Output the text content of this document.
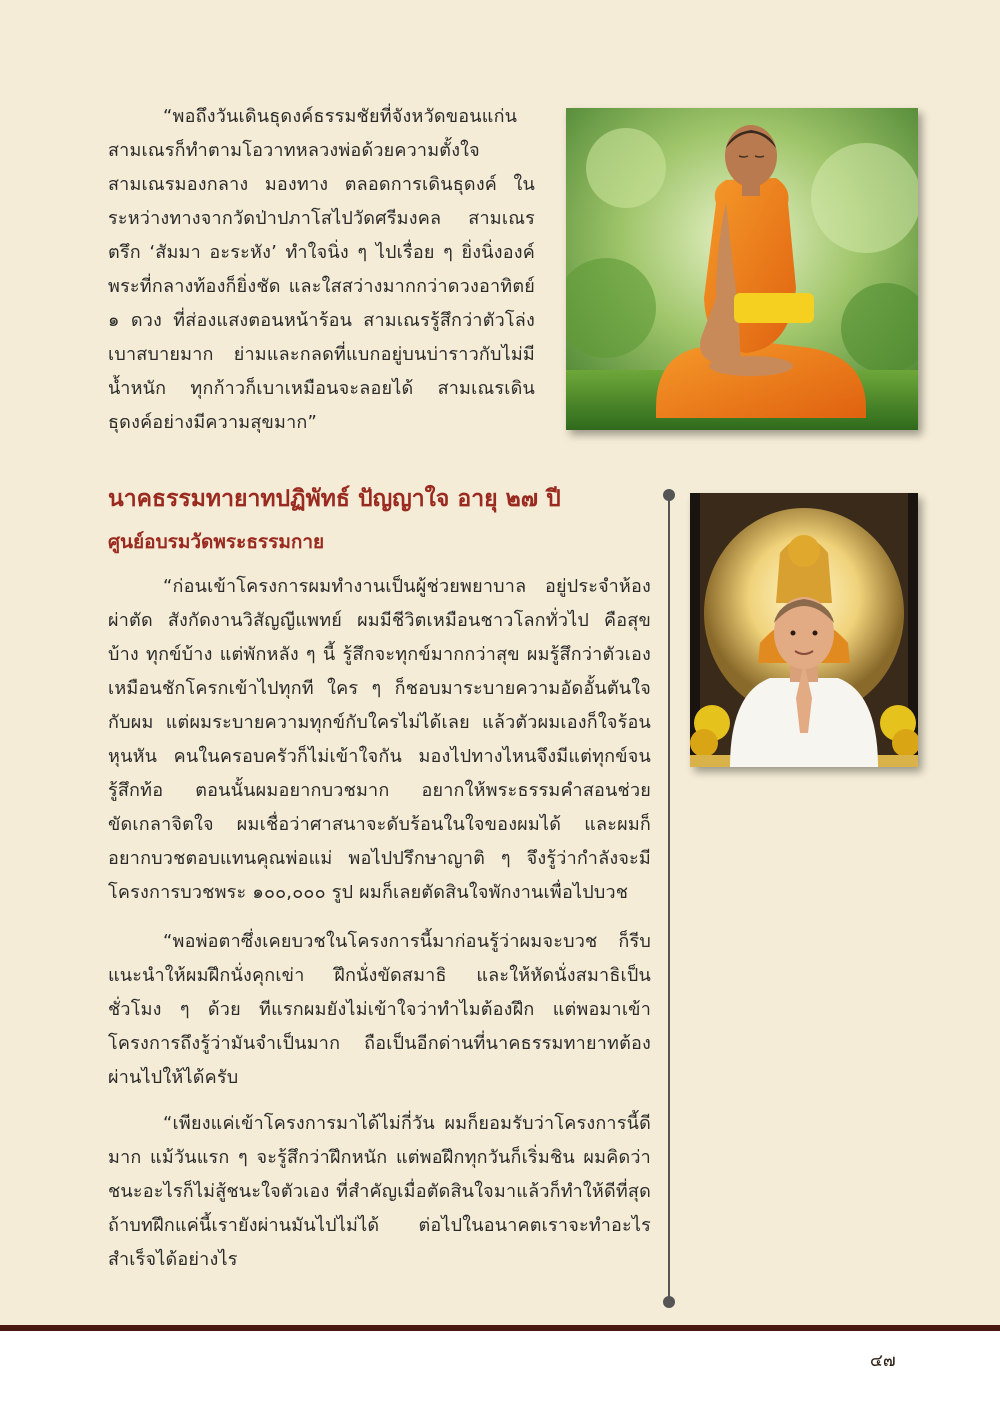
“พอถึงวันเดินธุดงค์ธรรมชัยที่จังหวัดขอนแก่น สามเณรก็ทำตามโอวาทหลวงพ่อด้วยความตั้งใจ สามเณรมองกลาง มองทาง ตลอดการเดินธุดงค์ ในระหว่างทางจากวัดป่าปภาโสไปวัดศรีมงคล สามเณรตรึก ‘สัมมา อะระหัง’ ทำใจนิ่ง ๆ ไปเรื่อย ๆ ยิ่งนิ่งองค์พระที่กลางท้องก็ยิ่งชัด และใสสว่างมากกว่าดวงอาทิตย์ ๑ ดวง ที่ส่องแสงตอนหน้าร้อน สามเณรรู้สึกว่าตัวโล่ง เบาสบายมาก ย่ามและกลดที่แบกอยู่บนบ่าราวกับไม่มีน้ำหนัก ทุกก้าวก็เบาเหมือนจะลอยได้ สามเณรเดินธุดงค์อย่างมีความสุขมาก”

นาคธรรมทายาทปฏิพัทธ์ ปัญญาใจ อายุ ๒๗ ปี
ศูนย์อบรมวัดพระธรรมกาย

“ก่อนเข้าโครงการผมทำงานเป็นผู้ช่วยพยาบาล อยู่ประจำห้องผ่าตัด สังกัดงานวิสัญญีแพทย์ ผมมีชีวิตเหมือนชาวโลกทั่วไป คือสุขบ้าง ทุกข์บ้าง แต่พักหลัง ๆ นี้ รู้สึกจะทุกข์มากกว่าสุข ผมรู้สึกว่าตัวเองเหมือนชักโครกเข้าไปทุกที ใคร ๆ ก็ชอบมาระบายความอัดอั้นตันใจกับผม แต่ผมระบายความทุกข์กับใครไม่ได้เลย แล้วตัวผมเองก็ใจร้อนหุนหัน คนในครอบครัวก็ไม่เข้าใจกัน มองไปทางไหนจึงมีแต่ทุกข์จนรู้สึกท้อ ตอนนั้นผมอยากบวชมาก อยากให้พระธรรมคำสอนช่วยขัดเกลาจิตใจ ผมเชื่อว่าศาสนาจะดับร้อนในใจของผมได้ และผมก็อยากบวชตอบแทนคุณพ่อแม่ พอไปปรึกษาญาติ ๆ จึงรู้ว่ากำลังจะมีโครงการบวชพระ ๑๐๐,๐๐๐ รูป ผมก็เลยตัดสินใจพักงานเพื่อไปบวช

“พอพ่อตาซึ่งเคยบวชในโครงการนี้มาก่อนรู้ว่าผมจะบวช ก็รีบแนะนำให้ผมฝึกนั่งคุกเข่า ฝึกนั่งขัดสมาธิ และให้หัดนั่งสมาธิเป็นชั่วโมง ๆ ด้วย ทีแรกผมยังไม่เข้าใจว่าทำไมต้องฝึก แต่พอมาเข้าโครงการถึงรู้ว่ามันจำเป็นมาก ถือเป็นอีกด่านที่นาคธรรมทายาทต้องผ่านไปให้ได้ครับ

“เพียงแค่เข้าโครงการมาได้ไม่กี่วัน ผมก็ยอมรับว่าโครงการนี้ดีมาก แม้วันแรก ๆ จะรู้สึกว่าฝึกหนัก แต่พอฝึกทุกวันก็เริ่มชิน ผมคิดว่าชนะอะไรก็ไม่สู้ชนะใจตัวเอง ที่สำคัญเมื่อตัดสินใจมาแล้วก็ทำให้ดีที่สุด ถ้าบทฝึกแค่นี้เรายังผ่านมันไปไม่ได้ ต่อไปในอนาคตเราจะทำอะไรสำเร็จได้อย่างไร

๔๗
